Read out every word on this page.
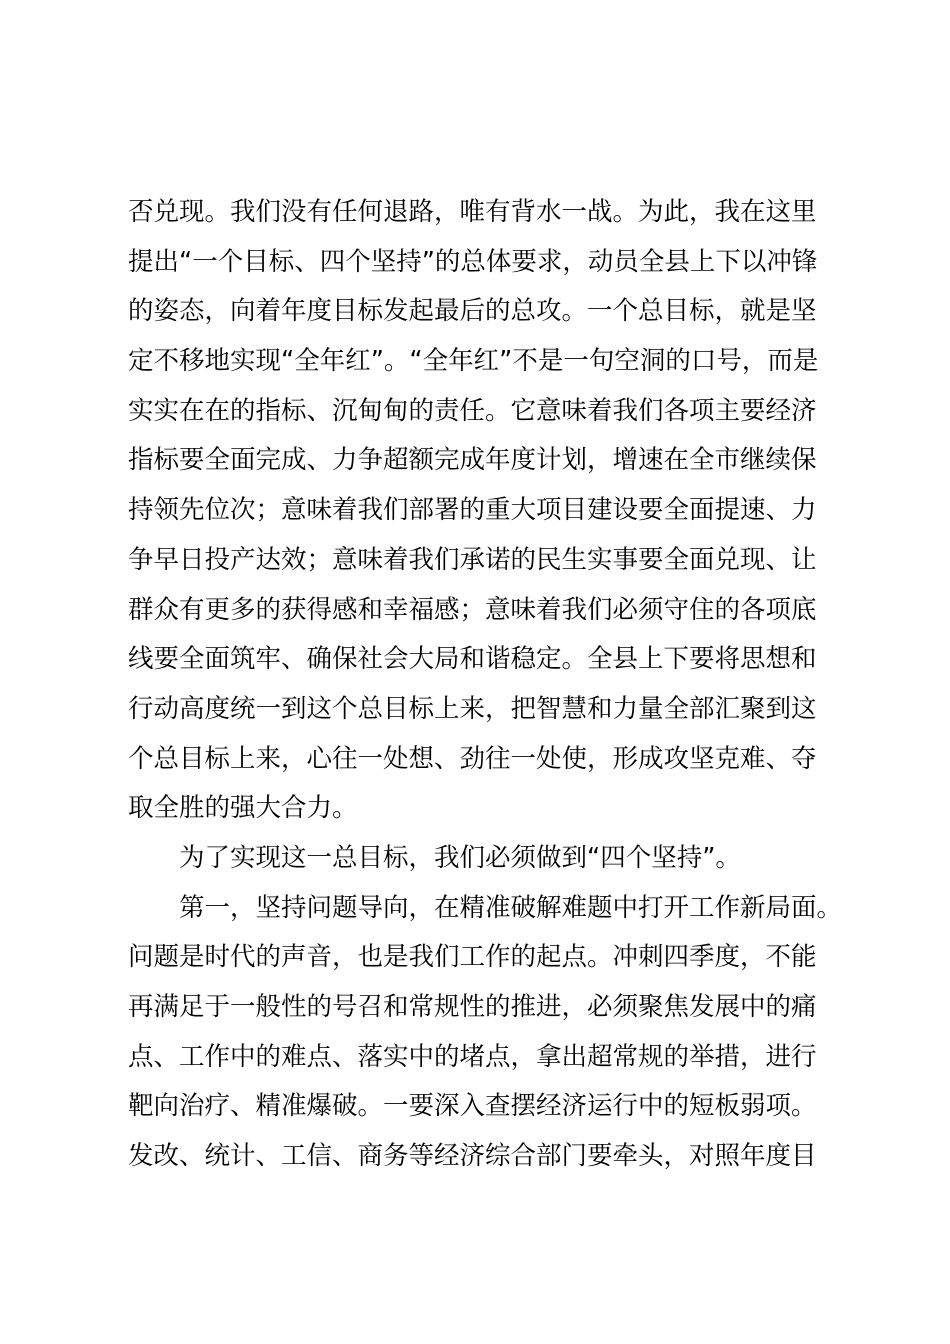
否兑现。我们没有任何退路，唯有背水一战。为此，我在这里
提出“一个目标、四个坚持”的总体要求，动员全县上下以冲锋
的姿态，向着年度目标发起最后的总攻。一个总目标，就是坚
定不移地实现“全年红”。“全年红”不是一句空洞的口号，而是
实实在在的指标、沉甸甸的责任。它意味着我们各项主要经济
指标要全面完成、力争超额完成年度计划，增速在全市继续保
持领先位次；意味着我们部署的重大项目建设要全面提速、力
争早日投产达效；意味着我们承诺的民生实事要全面兑现、让
群众有更多的获得感和幸福感；意味着我们必须守住的各项底
线要全面筑牢、确保社会大局和谐稳定。全县上下要将思想和
行动高度统一到这个总目标上来，把智慧和力量全部汇聚到这
个总目标上来，心往一处想、劲往一处使，形成攻坚克难、夺
取全胜的强大合力。
为了实现这一总目标，我们必须做到“四个坚持”。
第一，坚持问题导向，在精准破解难题中打开工作新局面。
问题是时代的声音，也是我们工作的起点。冲刺四季度，不能
再满足于一般性的号召和常规性的推进，必须聚焦发展中的痛
点、工作中的难点、落实中的堵点，拿出超常规的举措，进行
靶向治疗、精准爆破。一要深入查摆经济运行中的短板弱项。
发改、统计、工信、商务等经济综合部门要牵头，对照年度目
